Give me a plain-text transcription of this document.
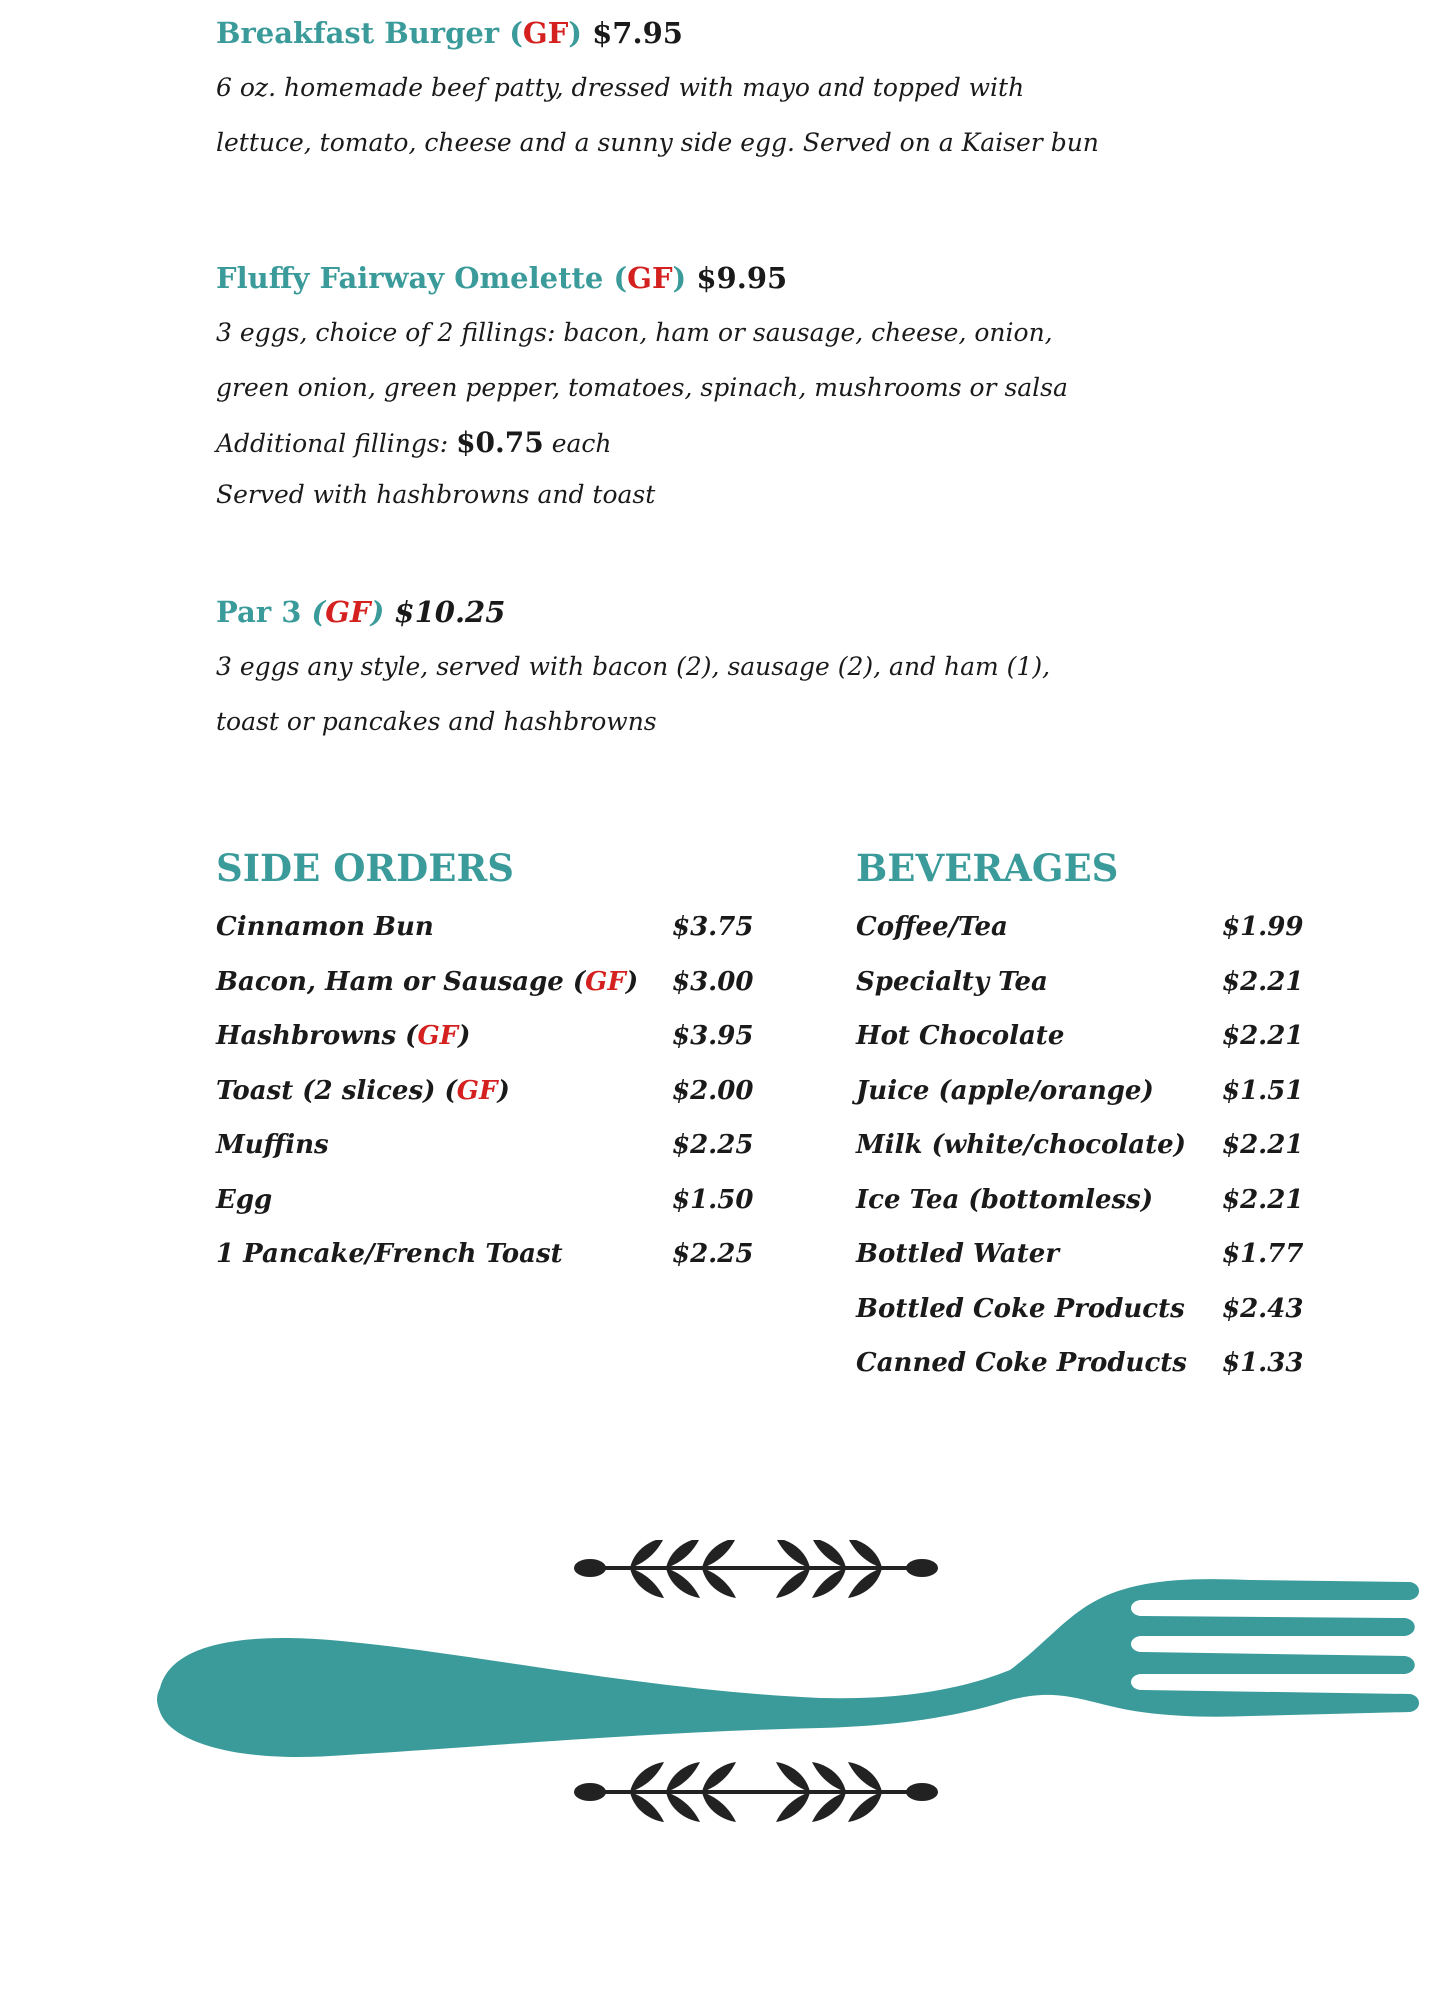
Breakfast Burger (GF) $7.95

6 oz. homemade beef patty, dressed with mayo and topped with

lettuce, tomato, cheese and a sunny side egg. Served on a Kaiser bun

Fluffy Fairway Omelette (GF) $9.95

3 eggs, choice of 2 fillings: bacon, ham or sausage, cheese, onion,

green onion, green pepper, tomatoes, spinach, mushrooms or salsa

Additional fillings: $0.75 each

Served with hashbrowns and toast

Par 3 (GF) $10.25

3 eggs any style, served with bacon (2), sausage (2), and ham (1),

toast or pancakes and hashbrowns

SIDE ORDERS
Cinnamon Bun	$3.75
Bacon, Ham or Sausage (GF) $3.00
Hashbrowns (GF)	$3.95
Toast (2 slices) (GF)	$2.00
Muffins	$2.25
Egg	$1.50
1 Pancake/French Toast	$2.25
BEVERAGES
Coffee/Tea	$1.99
Specialty Tea	$2.21
Hot Chocolate	$2.21
Juice (apple/orange)	$1.51
Milk (white/chocolate) $2.21
Ice Tea (bottomless)	$2.21
Bottled Water	$1.77
Bottled Coke Products $2.43
Canned Coke Products $1.33
